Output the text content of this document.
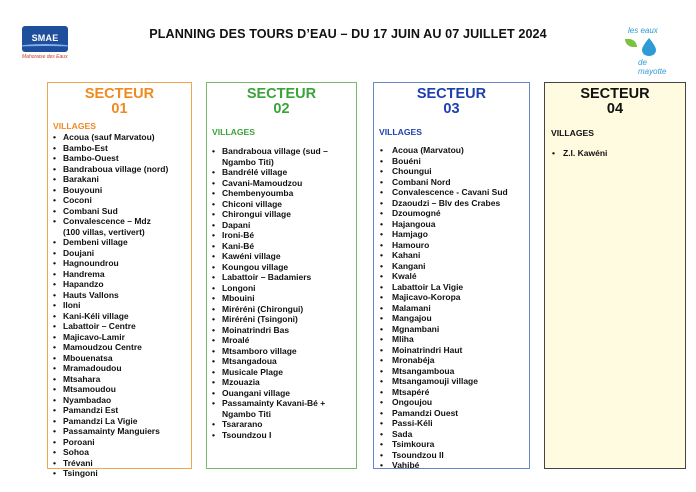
SMAE
Mahoraise des Eaux
PLANNING DES TOURS D’EAU – DU 17 JUIN AU 07 JUILLET 2024	les eaux
de mayotte
SECTEUR
01
VILLAGES
• Acoua (sauf Marvatou)
• Bambo-Est
• Bambo-Ouest
• Bandraboua village (nord)
• Barakani
• Bouyouni
• Coconi
• Combani Sud
• Convalescence – Mdz
(100 villas, vertivert)
• Dembeni village
• Doujani
• Hagnoundrou
• Handrema
• Hapandzo
• Hauts Vallons
• Iloni
• Kani-Kéli village
• Labattoir – Centre
• Majicavo-Lamir
• Mamoudzou Centre
• Mbouenatsa
• Mramadoudou
• Mtsahara
• Mtsamoudou
• Nyambadao
• Pamandzi Est
• Pamandzi La Vigie
• Passamainty Manguiers
• Poroani
• Sohoa
• Trévani
• Tsingoni
SECTEUR
02
VILLAGES
• Bandraboua village (sud –
Ngambo Titi)
• Bandrélé village
• Cavani-Mamoudzou
• Chembenyoumba
• Chiconi village
• Chirongui village
• Dapani
• Ironi-Bé
• Kani-Bé
• Kawéni village
• Koungou village
• Labattoir – Badamiers
• Longoni
• Mbouini
• Miréréni (Chirongui)
• Miréréni (Tsingoni)
• Moinatrindri Bas
• Mroalé
• Mtsamboro village
• Mtsangadoua
• Musicale Plage
• Mzouazia
• Ouangani village
• Passamainty Kavani-Bé +
Ngambo Titi
• Tsararano
• Tsoundzou I
SECTEUR
03
VILLAGES
• Acoua (Marvatou)
• Bouéni
• Choungui
• Combani Nord
• Convalescence - Cavani Sud
• Dzaoudzi – Blv des Crabes
• Dzoumogné
• Hajangoua
• Hamjago
• Hamouro
• Kahani
• Kangani
• Kwalé
• Labattoir La Vigie
• Majicavo-Koropa
• Malamani
• Mangajou
• Mgnambani
• Mliha
• Moinatrindri Haut
• Mronabéja
• Mtsangamboua
• Mtsangamouji village
• Mtsapéré
• Ongoujou
• Pamandzi Ouest
• Passi-Kéli
• Sada
• Tsimkoura
• Tsoundzou II
• Vahibé
SECTEUR
04
VILLAGES
• Z.I. Kawéni
